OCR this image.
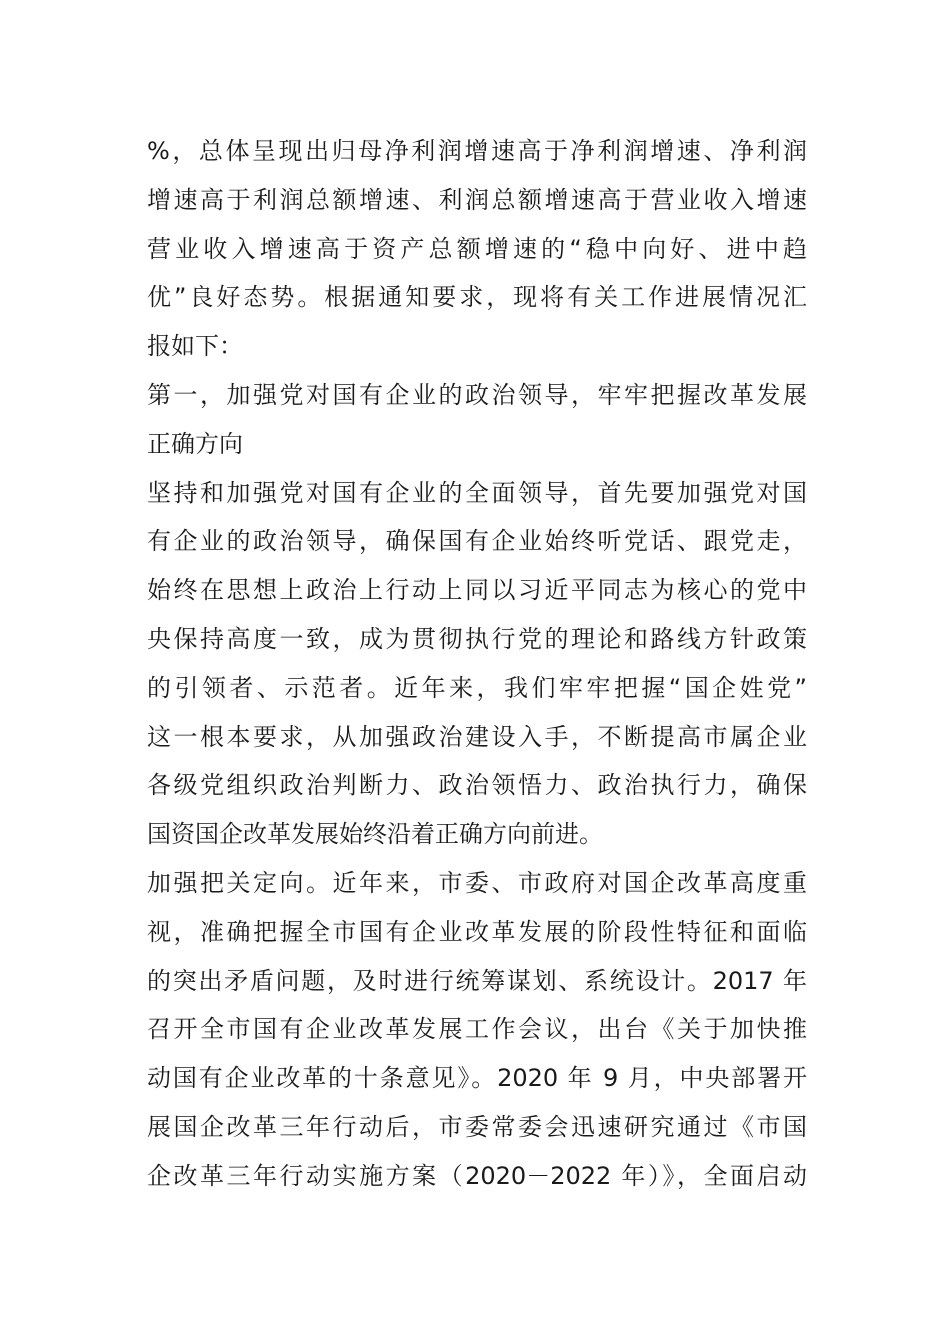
%，总体呈现出归母净利润增速高于净利润增速、净利润
增速高于利润总额增速、利润总额增速高于营业收入增速
营业收入增速高于资产总额增速的“稳中向好、进中趋
优”良好态势。根据通知要求，现将有关工作进展情况汇
报如下：
第一，加强党对国有企业的政治领导，牢牢把握改革发展
正确方向
坚持和加强党对国有企业的全面领导，首先要加强党对国
有企业的政治领导，确保国有企业始终听党话、跟党走，
始终在思想上政治上行动上同以习近平同志为核心的党中
央保持高度一致，成为贯彻执行党的理论和路线方针政策
的引领者、示范者。近年来，我们牢牢把握“国企姓党”
这一根本要求，从加强政治建设入手，不断提高市属企业
各级党组织政治判断力、政治领悟力、政治执行力，确保
国资国企改革发展始终沿着正确方向前进。
加强把关定向。近年来，市委、市政府对国企改革高度重
视，准确把握全市国有企业改革发展的阶段性特征和面临
的突出矛盾问题，及时进行统筹谋划、系统设计。2017 年
召开全市国有企业改革发展工作会议，出台《关于加快推
动国有企业改革的十条意见》。2020 年 9 月，中央部署开
展国企改革三年行动后，市委常委会迅速研究通过《市国
企改革三年行动实施方案（2020－2022 年）》，全面启动
